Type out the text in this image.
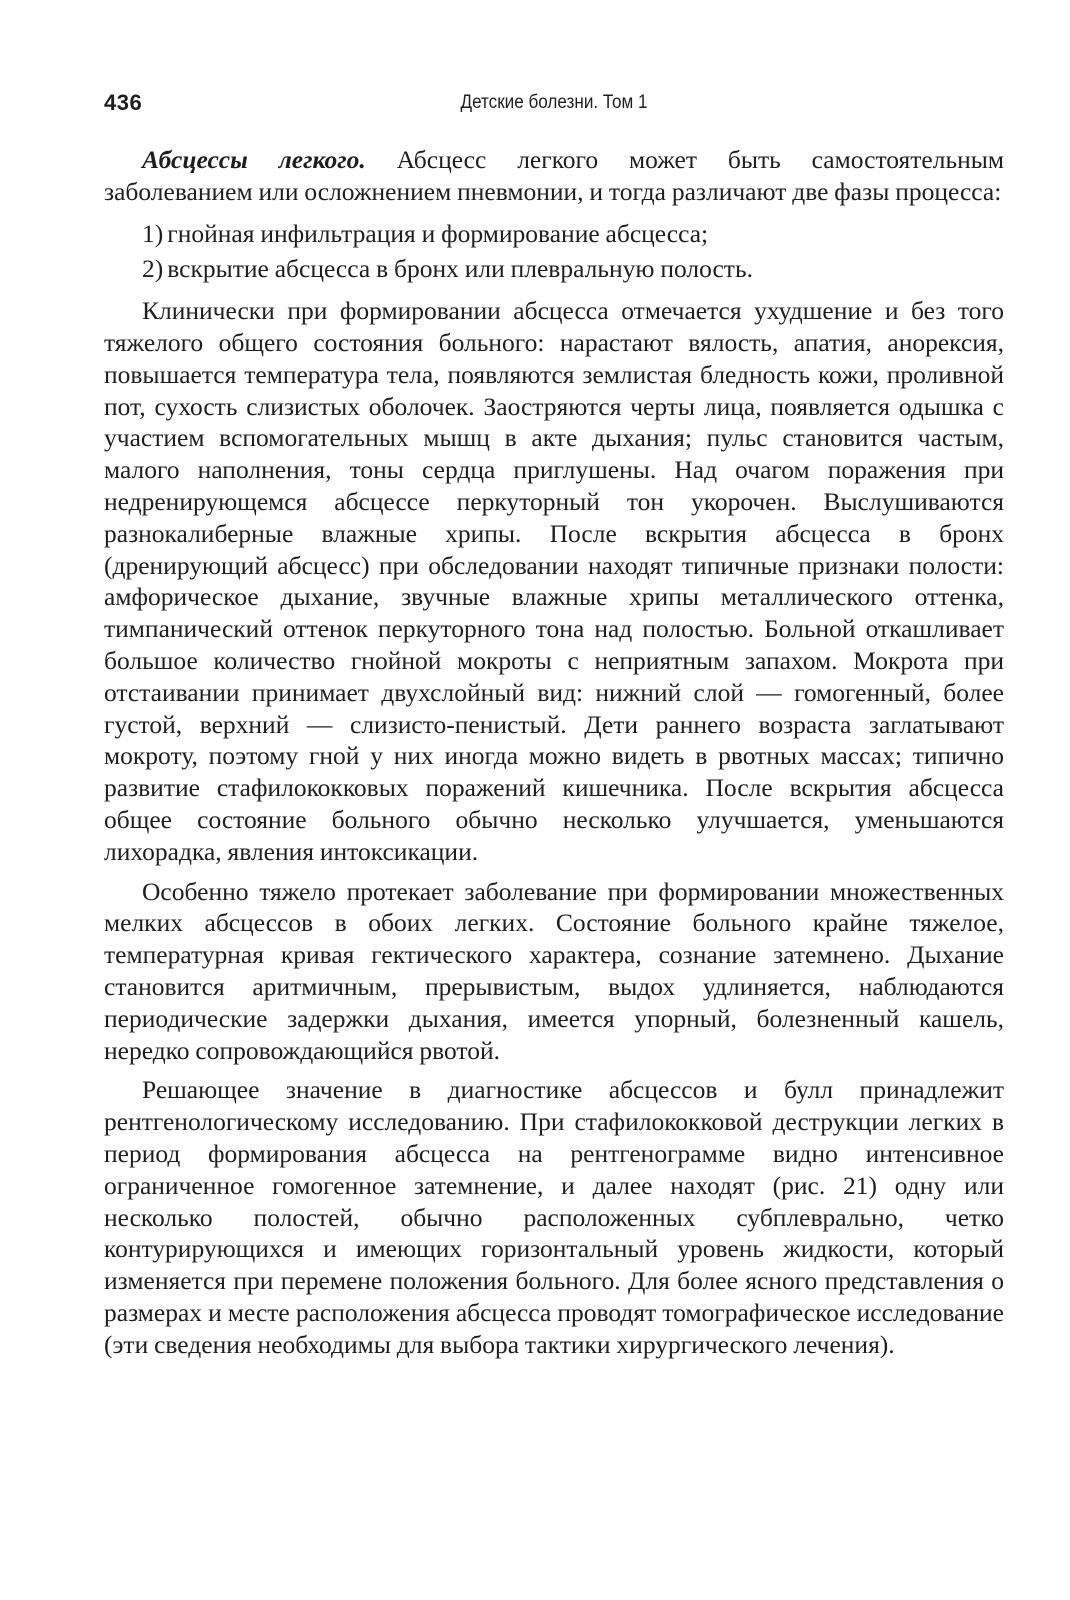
436	Детские болезни. Том 1

Абсцессы легкого. Абсцесс легкого может быть самостоятельным заболеванием или осложнением пневмонии, и тогда различают две фазы процесса:

1) гнойная инфильтрация и формирование абсцесса;
2) вскрытие абсцесса в бронх или плевральную полость.

Клинически при формировании абсцесса отмечается ухудшение и без того тяжелого общего состояния больного: нарастают вялость, апатия, анорексия, повышается температура тела, появляются землистая бледность кожи, проливной пот, сухость слизистых оболочек. Заостряются черты лица, появляется одышка с участием вспомогательных мышц в акте дыхания; пульс становится частым, малого наполнения, тоны сердца приглушены. Над очагом поражения при недренирующемся абсцессе перкуторный тон укорочен. Выслушиваются разнокалиберные влажные хрипы. После вскрытия абсцесса в бронх (дренирующий абсцесс) при обследовании находят типичные признаки полости: амфорическое дыхание, звучные влажные хрипы металлического оттенка, тимпанический оттенок перкуторного тона над полостью. Больной откашливает большое количество гнойной мокроты с неприятным запахом. Мокрота при отстаивании принимает двухслойный вид: нижний слой — гомогенный, более густой, верхний — слизисто-пенистый. Дети раннего возраста заглатывают мокроту, поэтому гной у них иногда можно видеть в рвотных массах; типично развитие стафилококковых поражений кишечника. После вскрытия абсцесса общее состояние больного обычно несколько улучшается, уменьшаются лихорадка, явления интоксикации.

Особенно тяжело протекает заболевание при формировании множественных мелких абсцессов в обоих легких. Состояние больного крайне тяжелое, температурная кривая гектического характера, сознание затемнено. Дыхание становится аритмичным, прерывистым, выдох удлиняется, наблюдаются периодические задержки дыхания, имеется упорный, болезненный кашель, нередко сопровождающийся рвотой.

Решающее значение в диагностике абсцессов и булл принадлежит рентгенологическому исследованию. При стафилококковой деструкции легких в период формирования абсцесса на рентгенограмме видно интенсивное ограниченное гомогенное затемнение, и далее находят (рис. 21) одну или несколько полостей, обычно расположенных субплеврально, четко контурирующихся и имеющих горизонтальный уровень жидкости, который изменяется при перемене положения больного. Для более ясного представления о размерах и месте расположения абсцесса проводят томографическое исследование (эти сведения необходимы для выбора тактики хирургического лечения).
